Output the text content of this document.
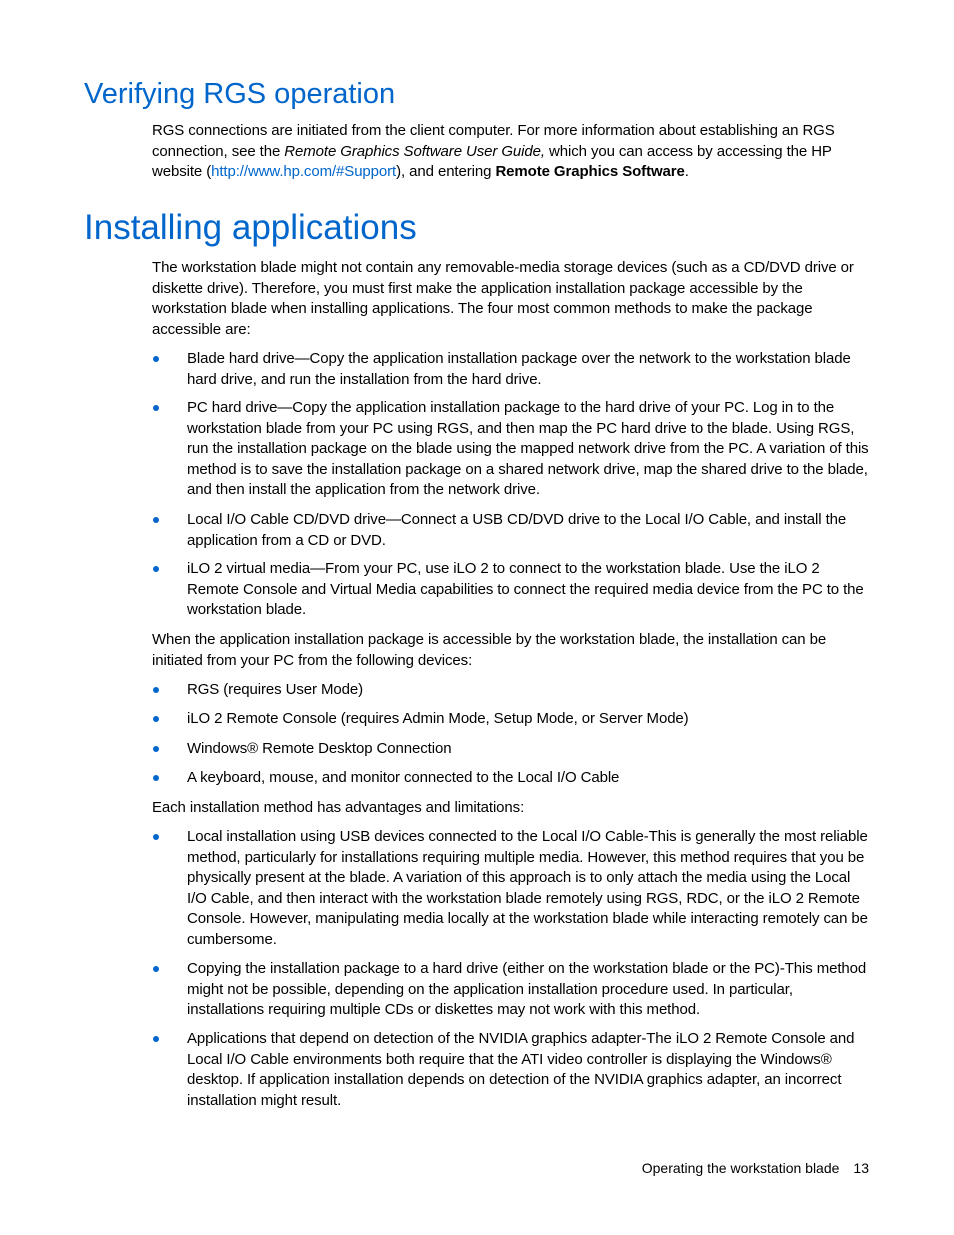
Verifying RGS operation

RGS connections are initiated from the client computer. For more information about establishing an RGS connection, see the Remote Graphics Software User Guide, which you can access by accessing the HP website (http://www.hp.com/#Support), and entering Remote Graphics Software.

Installing applications

The workstation blade might not contain any removable-media storage devices (such as a CD/DVD drive or diskette drive). Therefore, you must first make the application installation package accessible by the workstation blade when installing applications. The four most common methods to make the package accessible are:

Blade hard drive—Copy the application installation package over the network to the workstation blade hard drive, and run the installation from the hard drive.
PC hard drive—Copy the application installation package to the hard drive of your PC. Log in to the workstation blade from your PC using RGS, and then map the PC hard drive to the blade. Using RGS, run the installation package on the blade using the mapped network drive from the PC. A variation of this method is to save the installation package on a shared network drive, map the shared drive to the blade, and then install the application from the network drive.
Local I/O Cable CD/DVD drive—Connect a USB CD/DVD drive to the Local I/O Cable, and install the application from a CD or DVD.
iLO 2 virtual media—From your PC, use iLO 2 to connect to the workstation blade. Use the iLO 2 Remote Console and Virtual Media capabilities to connect the required media device from the PC to the workstation blade.

When the application installation package is accessible by the workstation blade, the installation can be initiated from your PC from the following devices:

RGS (requires User Mode)
iLO 2 Remote Console (requires Admin Mode, Setup Mode, or Server Mode)
Windows® Remote Desktop Connection
A keyboard, mouse, and monitor connected to the Local I/O Cable

Each installation method has advantages and limitations:

Local installation using USB devices connected to the Local I/O Cable-This is generally the most reliable method, particularly for installations requiring multiple media. However, this method requires that you be physically present at the blade. A variation of this approach is to only attach the media using the Local I/O Cable, and then interact with the workstation blade remotely using RGS, RDC, or the iLO 2 Remote Console. However, manipulating media locally at the workstation blade while interacting remotely can be cumbersome.
Copying the installation package to a hard drive (either on the workstation blade or the PC)-This method might not be possible, depending on the application installation procedure used. In particular, installations requiring multiple CDs or diskettes may not work with this method.
Applications that depend on detection of the NVIDIA graphics adapter-The iLO 2 Remote Console and Local I/O Cable environments both require that the ATI video controller is displaying the Windows® desktop. If application installation depends on detection of the NVIDIA graphics adapter, an incorrect installation might result.
Operating the workstation blade 13
